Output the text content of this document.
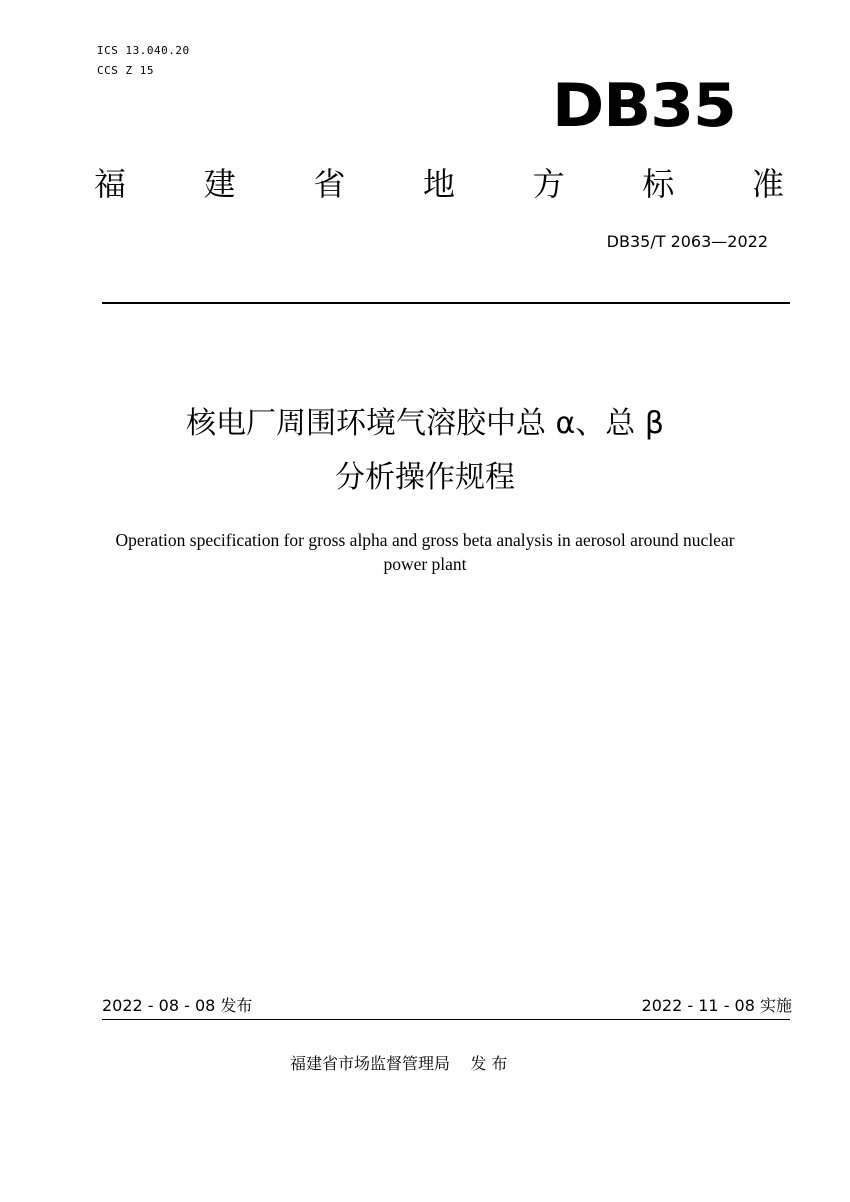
ICS 13.040.20
CCS Z 15
DB35
福 建 省 地 方 标 准
DB35/T 2063—2022
核电厂周围环境气溶胶中总 α、总 β
分析操作规程
Operation specification for gross alpha and gross beta analysis in aerosol around nuclear power plant
2022 - 08 - 08 发布	2022 - 11 - 08 实施
福建省市场监督管理局    发 布
